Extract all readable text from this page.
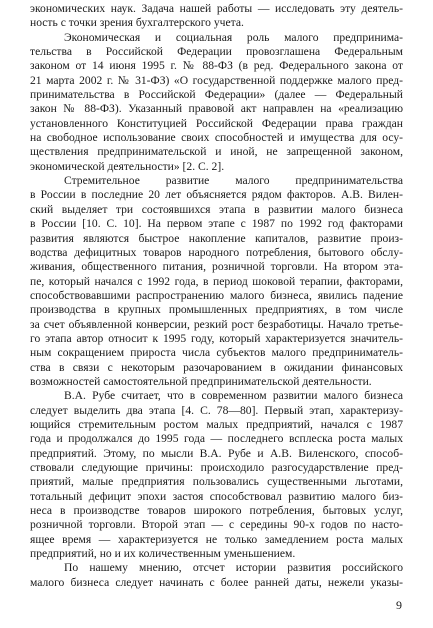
экономических наук. Задача нашей работы — исследовать эту деятель-
ность с точки зрения бухгалтерского учета.

Экономическая и социальная роль малого предпринима-
тельства в Российской Федерации провозглашена Федеральным
законом от 14 июня 1995 г. № 88-ФЗ (в ред. Федерального закона от
21 марта 2002 г. № 31-ФЗ) «О государственной поддержке малого пред-
принимательства в Российской Федерации» (далее — Федеральный
закон № 88-ФЗ). Указанный правовой акт направлен на «реализацию
установленного Конституцией Российской Федерации права граждан
на свободное использование своих способностей и имущества для осу-
ществления предпринимательской и иной, не запрещенной законом,
экономической деятельности» [2. С. 2].

Стремительное развитие малого предпринимательства
в России в последние 20 лет объясняется рядом факторов. А.В. Вилен-
ский выделяет три состоявшихся этапа в развитии малого бизнеса
в России [10. С. 10]. На первом этапе с 1987 по 1992 год факторами
развития являются быстрое накопление капиталов, развитие произ-
водства дефицитных товаров народного потребления, бытового обслу-
живания, общественного питания, розничной торговли. На втором эта-
пе, который начался с 1992 года, в период шоковой терапии, факторами,
способствовавшими распространению малого бизнеса, явились падение
производства в крупных промышленных предприятиях, в том числе
за счет объявленной конверсии, резкий рост безработицы. Начало третье-
го этапа автор относит к 1995 году, который характеризуется значитель-
ным сокращением прироста числа субъектов малого предприниматель-
ства в связи с некоторым разочарованием в ожидании финансовых
возможностей самостоятельной предпринимательской деятельности.

В.А. Рубе считает, что в современном развитии малого бизнеса
следует выделить два этапа [4. С. 78—80]. Первый этап, характеризу-
ющийся стремительным ростом малых предприятий, начался с 1987
года и продолжался до 1995 года — последнего всплеска роста малых
предприятий. Этому, по мысли В.А. Рубе и А.В. Виленского, способ-
ствовали следующие причины: происходило разгосударствление пред-
приятий, малые предприятия пользовались существенными льготами,
тотальный дефицит эпохи застоя способствовал развитию малого биз-
неса в производстве товаров широкого потребления, бытовых услуг,
розничной торговли. Второй этап — с середины 90-х годов по насто-
ящее время — характеризуется не только замедлением роста малых
предприятий, но и их количественным уменьшением.

По нашему мнению, отсчет истории развития российского
малого бизнеса следует начинать с более ранней даты, нежели указы-

9
